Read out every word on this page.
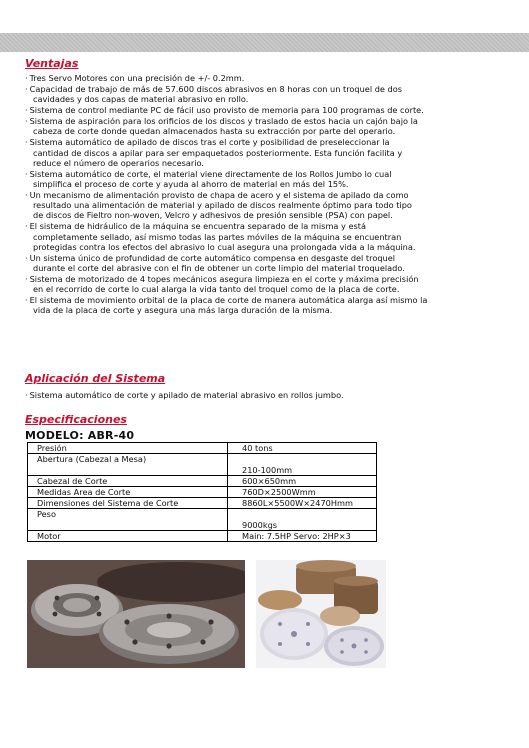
Ventajas
· Tres Servo Motores con una precisión de +/- 0.2mm.
· Capacidad de trabajo de más de 57.600 discos abrasivos en 8 horas con un troquel de dos
cavidades y dos capas de material abrasivo en rollo.
· Sistema de control mediante PC de fácil uso provisto de memoria para 100 programas de corte.
· Sistema de aspiración para los orificios de los discos y traslado de estos hacia un cajón bajo la
cabeza de corte donde quedan almacenados hasta su extracción por parte del operario.
· Sistema automático de apilado de discos tras el corte y posibilidad de preseleccionar la
cantidad de discos a apilar para ser empaquetados posteriormente. Esta función facilita y
reduce el número de operarios necesario.
· Sistema automático de corte, el material viene directamente de los Rollos Jumbo lo cual
simplifica el proceso de corte y ayuda al ahorro de material en más del 15%.
· Un mecanismo de alimentación provisto de chapa de acero y el sistema de apilado da como
resultado una alimentación de material y apilado de discos realmente óptimo para todo tipo
de discos de Fieltro non-woven, Velcro y adhesivos de presión sensible (PSA) con papel.
· El sistema de hidráulico de la máquina se encuentra separado de la misma y está
completamente sellado, así mismo todas las partes móviles de la máquina se encuentran
protegidas contra los efectos del abrasivo lo cual asegura una prolongada vida a la máquina.
· Un sistema único de profundidad de corte automático compensa en desgaste del troquel
durante el corte del abrasive con el fin de obtener un corte limpio del material troquelado.
· Sistema de motorizado de 4 topes mecánicos asegura limpieza en el corte y máxima precisión
en el recorrido de corte lo cual alarga la vida tanto del troquel como de la placa de corte.
· El sistema de movimiento orbital de la placa de corte de manera automática alarga así mismo la
vida de la placa de corte y asegura una más larga duración de la misma.
Aplicación del Sistema
· Sistema automático de corte y apilado de material abrasivo en rollos jumbo.
Especificaciones
MODELO: ABR-40
Presión	40 tons
Abertura (Cabezal a Mesa)	210-100mm
Cabezal de Corte	600×650mm
Medidas Area de Corte	760D×2500Wmm
Dimensiones del Sistema de Corte	8860L×5500W×2470Hmm
Peso	9000kgs
Motor	Main: 7.5HP Servo: 2HP×3
